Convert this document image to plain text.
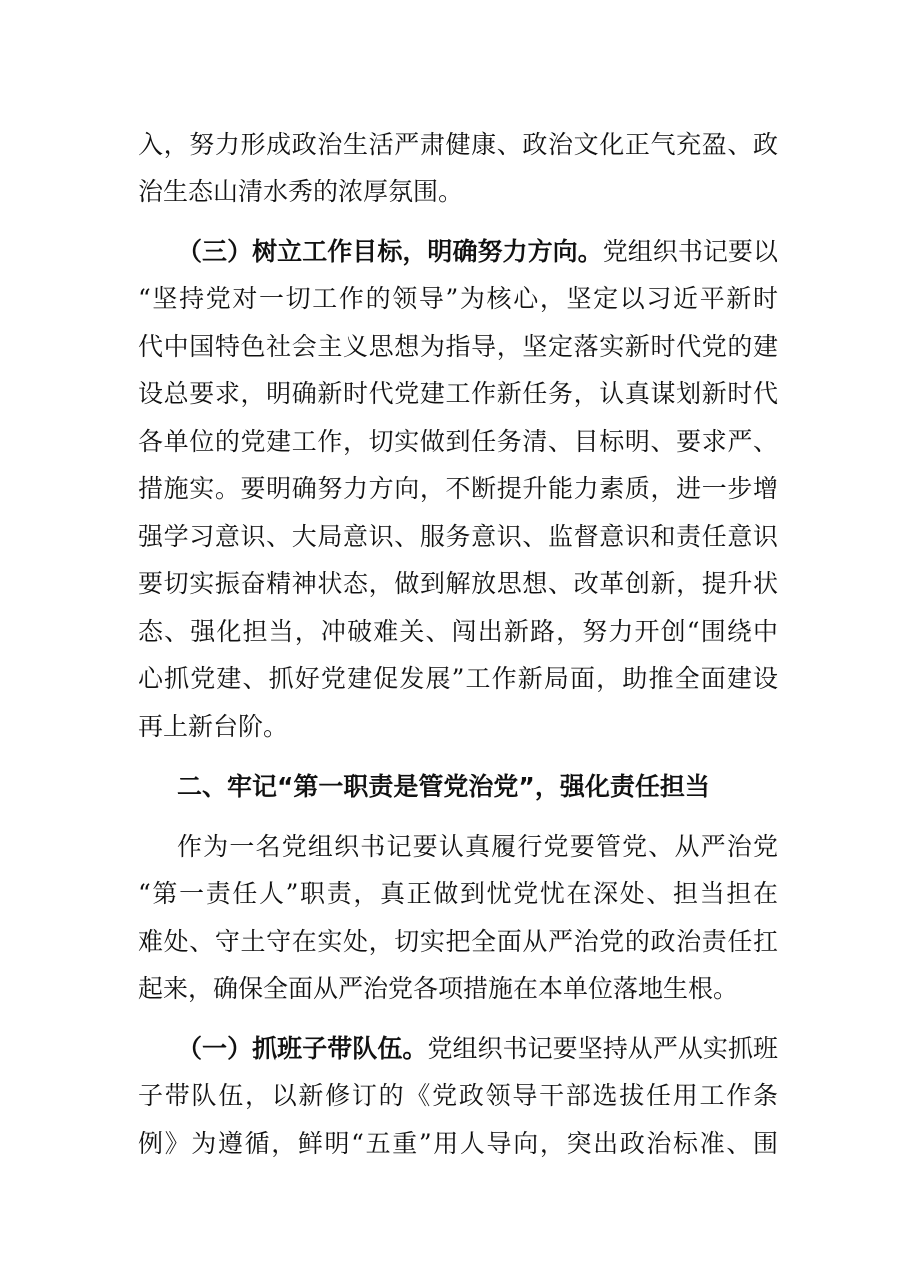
入，努力形成政治生活严肃健康、政治文化正气充盈、政
治生态山清水秀的浓厚氛围。
（三）树立工作目标，明确努力方向。党组织书记要以
“坚持党对一切工作的领导”为核心，坚定以习近平新时
代中国特色社会主义思想为指导，坚定落实新时代党的建
设总要求，明确新时代党建工作新任务，认真谋划新时代
各单位的党建工作，切实做到任务清、目标明、要求严、
措施实。要明确努力方向，不断提升能力素质，进一步增
强学习意识、大局意识、服务意识、监督意识和责任意识
要切实振奋精神状态，做到解放思想、改革创新，提升状
态、强化担当，冲破难关、闯出新路，努力开创“围绕中
心抓党建、抓好党建促发展”工作新局面，助推全面建设
再上新台阶。
二、牢记“第一职责是管党治党”，强化责任担当
作为一名党组织书记要认真履行党要管党、从严治党
“第一责任人”职责，真正做到忧党忧在深处、担当担在
难处、守土守在实处，切实把全面从严治党的政治责任扛
起来，确保全面从严治党各项措施在本单位落地生根。
（一）抓班子带队伍。党组织书记要坚持从严从实抓班
子带队伍，以新修订的《党政领导干部选拔任用工作条
例》为遵循，鲜明“五重”用人导向，突出政治标准、围
